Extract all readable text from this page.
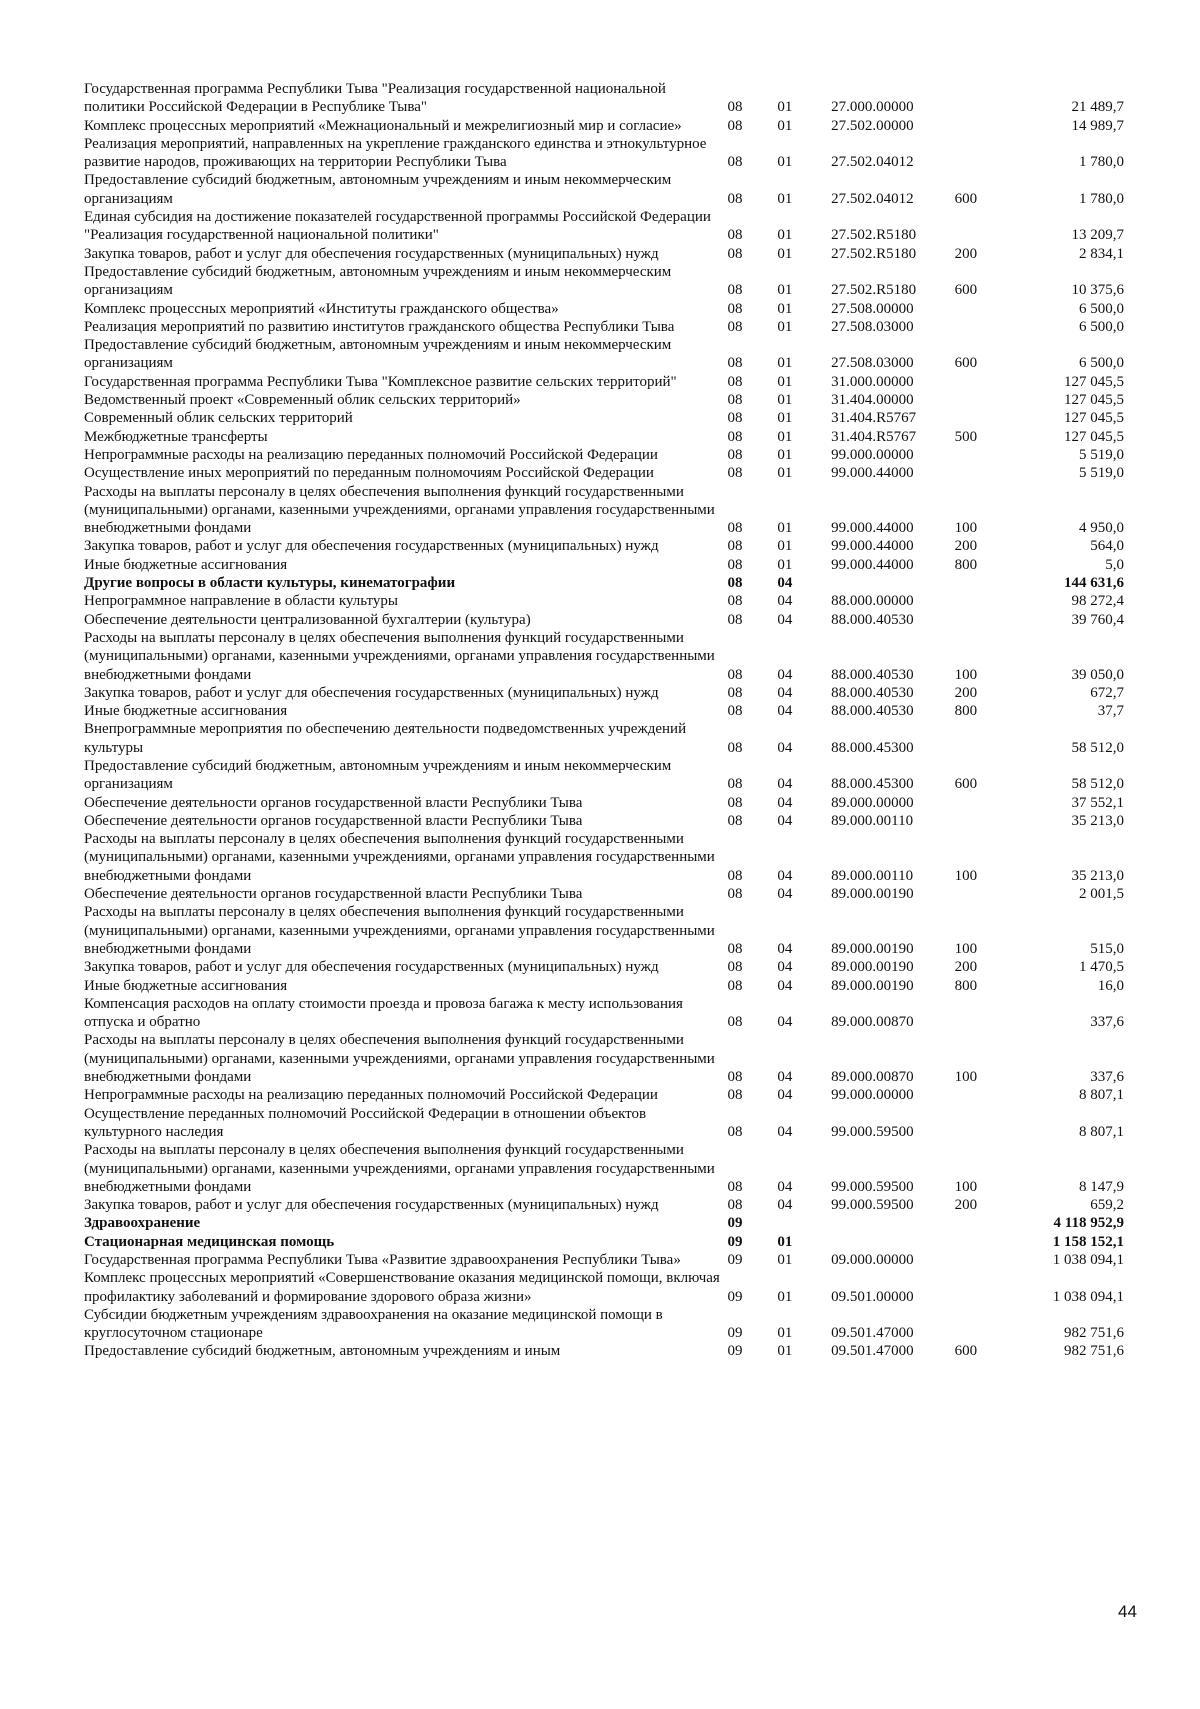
Государственная программа Республики Тыва "Реализация государственной национальной политики Российской Федерации в Республике Тыва"	08	01	27.000.00000	21 489,7
Комплекс процессных мероприятий «Межнациональный и межрелигиозный мир и согласие»	08	01	27.502.00000	14 989,7
Реализация мероприятий, направленных на укрепление гражданского единства и этнокультурное развитие народов, проживающих на территории Республики Тыва	08	01	27.502.04012	1 780,0
Предоставление субсидий бюджетным, автономным учреждениям и иным некоммерческим организациям	08	01	27.502.04012	600	1 780,0
Единая субсидия на достижение показателей государственной программы Российской Федерации "Реализация государственной национальной политики"	08	01	27.502.R5180	13 209,7
Закупка товаров, работ и услуг для обеспечения государственных (муниципальных) нужд	08	01	27.502.R5180	200	2 834,1
Предоставление субсидий бюджетным, автономным учреждениям и иным некоммерческим организациям	08	01	27.502.R5180	600	10 375,6
Комплекс процессных мероприятий «Институты гражданского общества»	08	01	27.508.00000	6 500,0
Реализация мероприятий по развитию институтов гражданского общества Республики Тыва	08	01	27.508.03000	6 500,0
Предоставление субсидий бюджетным, автономным учреждениям и иным некоммерческим организациям	08	01	27.508.03000	600	6 500,0
Государственная программа Республики Тыва "Комплексное развитие сельских территорий"	08	01	31.000.00000	127 045,5
Ведомственный проект «Современный облик сельских территорий»	08	01	31.404.00000	127 045,5
Современный облик сельских территорий	08	01	31.404.R5767	127 045,5
Межбюджетные трансферты	08	01	31.404.R5767	500	127 045,5
Непрограммные расходы на реализацию переданных полномочий Российской Федерации	08	01	99.000.00000	5 519,0
Осуществление иных мероприятий по переданным полномочиям Российской Федерации	08	01	99.000.44000	5 519,0
Расходы на выплаты персоналу в целях обеспечения выполнения функций государственными (муниципальными) органами, казенными учреждениями, органами управления государственными внебюджетными фондами	08	01	99.000.44000	100	4 950,0
Закупка товаров, работ и услуг для обеспечения государственных (муниципальных) нужд	08	01	99.000.44000	200	564,0
Иные бюджетные ассигнования	08	01	99.000.44000	800	5,0
Другие вопросы в области культуры, кинематографии	08	04	144 631,6
Непрограммное направление в области культуры	08	04	88.000.00000	98 272,4
Обеспечение деятельности централизованной бухгалтерии (культура)	08	04	88.000.40530	39 760,4
Расходы на выплаты персоналу в целях обеспечения выполнения функций государственными (муниципальными) органами, казенными учреждениями, органами управления государственными внебюджетными фондами	08	04	88.000.40530	100	39 050,0
Закупка товаров, работ и услуг для обеспечения государственных (муниципальных) нужд	08	04	88.000.40530	200	672,7
Иные бюджетные ассигнования	08	04	88.000.40530	800	37,7
Внепрограммные мероприятия по обеспечению деятельности подведомственных учреждений культуры	08	04	88.000.45300	58 512,0
Предоставление субсидий бюджетным, автономным учреждениям и иным некоммерческим организациям	08	04	88.000.45300	600	58 512,0
Обеспечение деятельности органов государственной власти Республики Тыва	08	04	89.000.00000	37 552,1
Обеспечение деятельности органов государственной власти Республики Тыва	08	04	89.000.00110	35 213,0
Расходы на выплаты персоналу в целях обеспечения выполнения функций государственными (муниципальными) органами, казенными учреждениями, органами управления государственными внебюджетными фондами	08	04	89.000.00110	100	35 213,0
Обеспечение деятельности органов государственной власти Республики Тыва	08	04	89.000.00190	2 001,5
Расходы на выплаты персоналу в целях обеспечения выполнения функций государственными (муниципальными) органами, казенными учреждениями, органами управления государственными внебюджетными фондами	08	04	89.000.00190	100	515,0
Закупка товаров, работ и услуг для обеспечения государственных (муниципальных) нужд	08	04	89.000.00190	200	1 470,5
Иные бюджетные ассигнования	08	04	89.000.00190	800	16,0
Компенсация расходов на оплату стоимости проезда и провоза багажа к месту использования отпуска и обратно	08	04	89.000.00870	337,6
Расходы на выплаты персоналу в целях обеспечения выполнения функций государственными (муниципальными) органами, казенными учреждениями, органами управления государственными внебюджетными фондами	08	04	89.000.00870	100	337,6
Непрограммные расходы на реализацию переданных полномочий Российской Федерации	08	04	99.000.00000	8 807,1
Осуществление переданных полномочий Российской Федерации в отношении объектов культурного наследия	08	04	99.000.59500	8 807,1
Расходы на выплаты персоналу в целях обеспечения выполнения функций государственными (муниципальными) органами, казенными учреждениями, органами управления государственными внебюджетными фондами	08	04	99.000.59500	100	8 147,9
Закупка товаров, работ и услуг для обеспечения государственных (муниципальных) нужд	08	04	99.000.59500	200	659,2
Здравоохранение	09	4 118 952,9
Стационарная медицинская помощь	09	01	1 158 152,1
Государственная программа Республики Тыва «Развитие здравоохранения Республики Тыва»	09	01	09.000.00000	1 038 094,1
Комплекс процессных мероприятий «Совершенствование оказания медицинской помощи, включая профилактику заболеваний и формирование здорового образа жизни»	09	01	09.501.00000	1 038 094,1
Субсидии бюджетным учреждениям здравоохранения на оказание медицинской помощи в круглосуточном стационаре	09	01	09.501.47000	982 751,6
Предоставление субсидий бюджетным, автономным учреждениям и иным	09	01	09.501.47000	600	982 751,6
44
